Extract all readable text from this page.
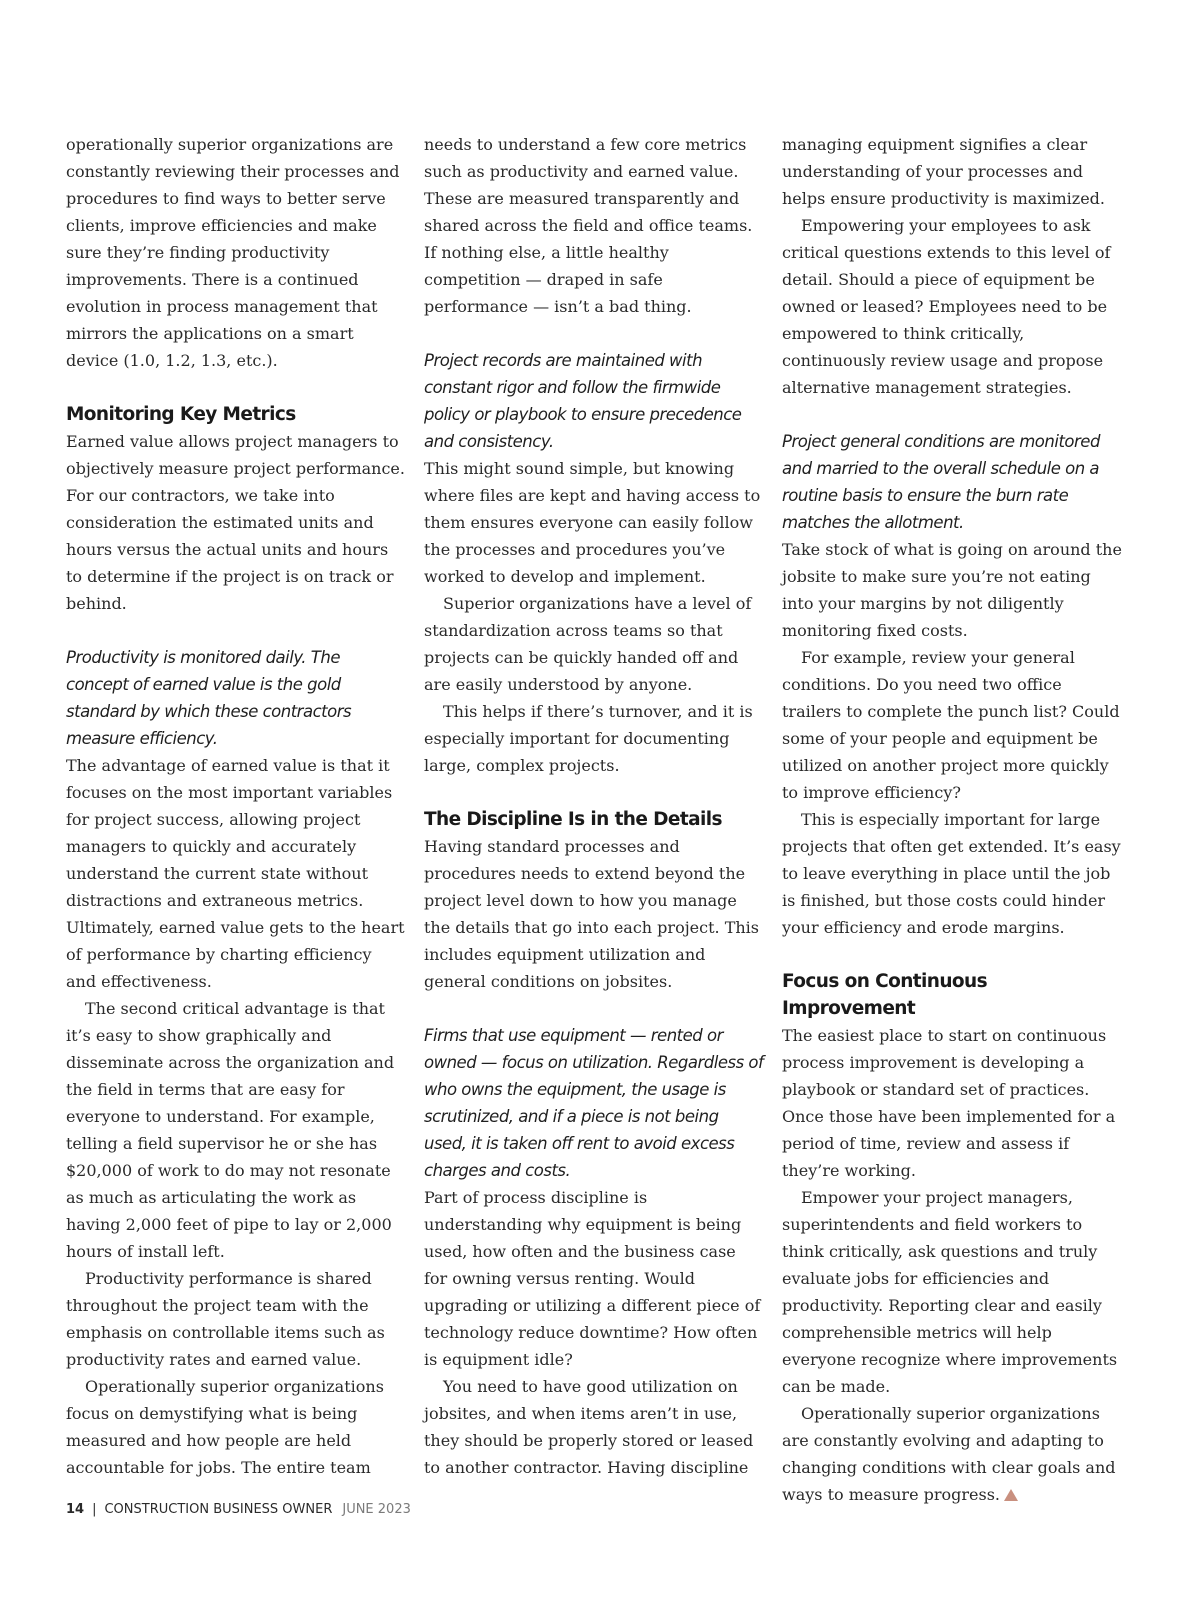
operationally superior organizations are constantly reviewing their processes and procedures to find ways to better serve clients, improve efficiencies and make sure they’re finding productivity improvements. There is a continued evolution in process management that mirrors the applications on a smart device (1.0, 1.2, 1.3, etc.).

Monitoring Key Metrics

Earned value allows project managers to objectively measure project performance. For our contractors, we take into consideration the estimated units and hours versus the actual units and hours to determine if the project is on track or behind.

Productivity is monitored daily. The concept of earned value is the gold standard by which these contractors measure efficiency.

The advantage of earned value is that it focuses on the most important variables for project success, allowing project managers to quickly and accurately understand the current state without distractions and extraneous metrics. Ultimately, earned value gets to the heart of performance by charting efficiency and effectiveness.

The second critical advantage is that it’s easy to show graphically and disseminate across the organization and the field in terms that are easy for everyone to understand. For example, telling a field supervisor he or she has $20,000 of work to do may not resonate as much as articulating the work as having 2,000 feet of pipe to lay or 2,000 hours of install left.

Productivity performance is shared throughout the project team with the emphasis on controllable items such as productivity rates and earned value.

Operationally superior organizations focus on demystifying what is being measured and how people are held accountable for jobs. The entire team

needs to understand a few core metrics such as productivity and earned value. These are measured transparently and shared across the field and office teams. If nothing else, a little healthy competition — draped in safe performance — isn’t a bad thing.

Project records are maintained with constant rigor and follow the firmwide policy or playbook to ensure precedence and consistency.

This might sound simple, but knowing where files are kept and having access to them ensures everyone can easily follow the processes and procedures you’ve worked to develop and implement.

Superior organizations have a level of standardization across teams so that projects can be quickly handed off and are easily understood by anyone.

This helps if there’s turnover, and it is especially important for documenting large, complex projects.

The Discipline Is in the Details

Having standard processes and procedures needs to extend beyond the project level down to how you manage the details that go into each project. This includes equipment utilization and general conditions on jobsites.

Firms that use equipment — rented or owned — focus on utilization. Regardless of who owns the equipment, the usage is scrutinized, and if a piece is not being used, it is taken off rent to avoid excess charges and costs.

Part of process discipline is understanding why equipment is being used, how often and the business case for owning versus renting. Would upgrading or utilizing a different piece of technology reduce downtime? How often is equipment idle?

You need to have good utilization on jobsites, and when items aren’t in use, they should be properly stored or leased to another contractor. Having discipline

managing equipment signifies a clear understanding of your processes and helps ensure productivity is maximized.

Empowering your employees to ask critical questions extends to this level of detail. Should a piece of equipment be owned or leased? Employees need to be empowered to think critically, continuously review usage and propose alternative management strategies.

Project general conditions are monitored and married to the overall schedule on a routine basis to ensure the burn rate matches the allotment.

Take stock of what is going on around the jobsite to make sure you’re not eating into your margins by not diligently monitoring fixed costs.

For example, review your general conditions. Do you need two office trailers to complete the punch list? Could some of your people and equipment be utilized on another project more quickly to improve efficiency?

This is especially important for large projects that often get extended. It’s easy to leave everything in place until the job is finished, but those costs could hinder your efficiency and erode margins.

Focus on Continuous Improvement

The easiest place to start on continuous process improvement is developing a playbook or standard set of practices. Once those have been implemented for a period of time, review and assess if they’re working.

Empower your project managers, superintendents and field workers to think critically, ask questions and truly evaluate jobs for efficiencies and productivity. Reporting clear and easily comprehensible metrics will help everyone recognize where improvements can be made.

Operationally superior organizations are constantly evolving and adapting to changing conditions with clear goals and ways to measure progress.

14 | CONSTRUCTION BUSINESS OWNER JUNE 2023
